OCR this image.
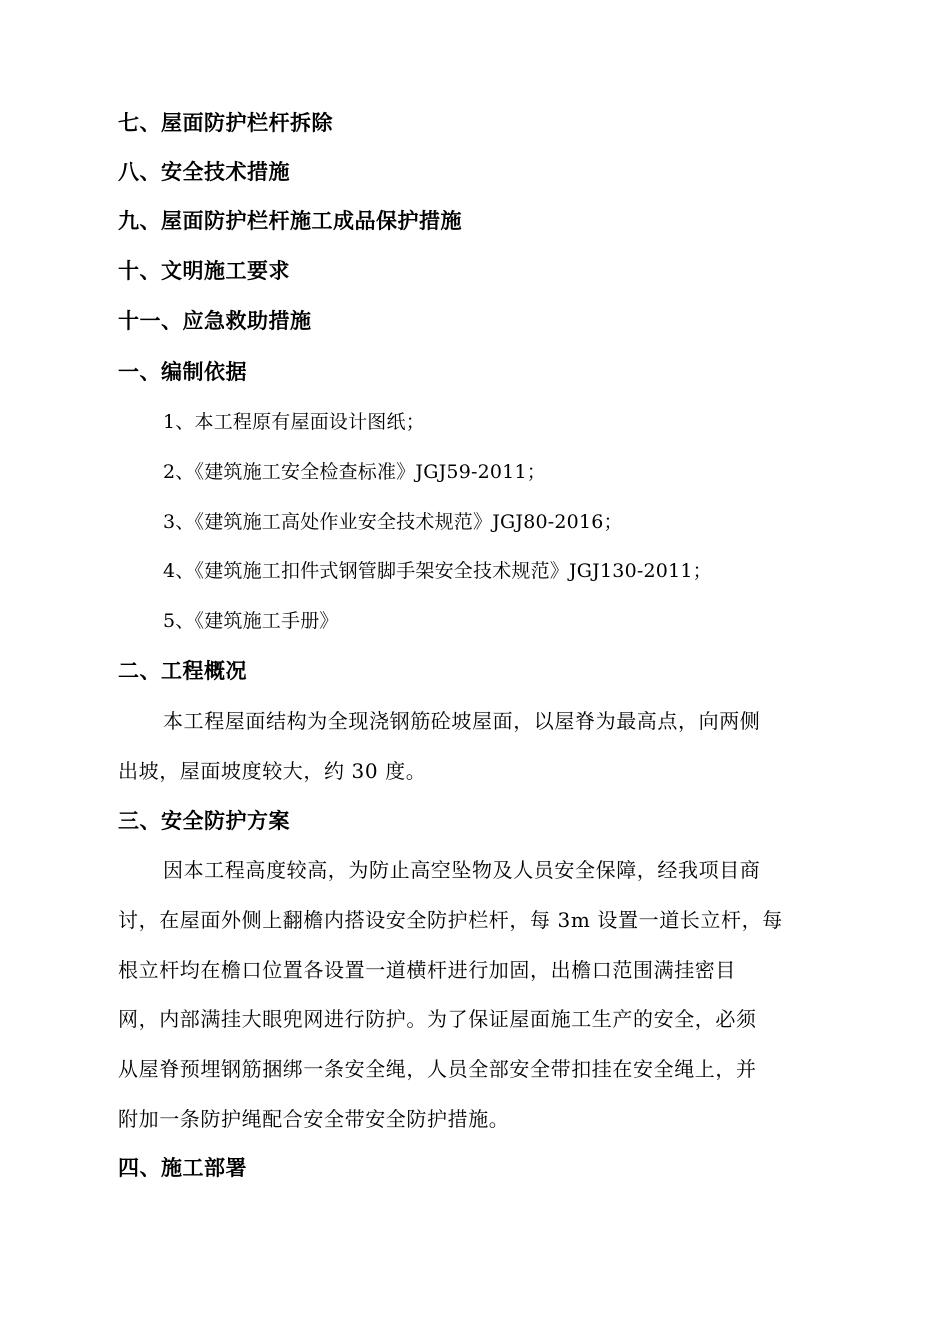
七、屋面防护栏杆拆除
八、安全技术措施
九、屋面防护栏杆施工成品保护措施
十、文明施工要求
十一、应急救助措施
一、编制依据
1、本工程原有屋面设计图纸；
2、《建筑施工安全检查标准》JGJ59-2011；
3、《建筑施工高处作业安全技术规范》JGJ80-2016；
4、《建筑施工扣件式钢管脚手架安全技术规范》JGJ130-2011；
5、《建筑施工手册》
二、工程概况
本工程屋面结构为全现浇钢筋砼坡屋面，以屋脊为最高点，向两侧
出坡，屋面坡度较大，约 30 度。
三、安全防护方案
因本工程高度较高，为防止高空坠物及人员安全保障，经我项目商
讨，在屋面外侧上翻檐内搭设安全防护栏杆，每 3m 设置一道长立杆，每
根立杆均在檐口位置各设置一道横杆进行加固，出檐口范围满挂密目
网，内部满挂大眼兜网进行防护。为了保证屋面施工生产的安全，必须
从屋脊预埋钢筋捆绑一条安全绳，人员全部安全带扣挂在安全绳上，并
附加一条防护绳配合安全带安全防护措施。
四、施工部署
